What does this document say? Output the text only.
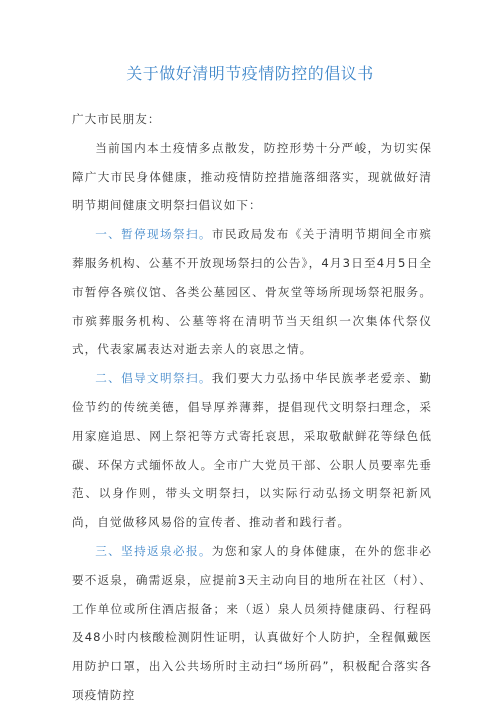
关于做好清明节疫情防控的倡议书

广大市民朋友：

当前国内本土疫情多点散发，防控形势十分严峻，为切实保障广大市民身体健康，推动疫情防控措施落细落实，现就做好清明节期间健康文明祭扫倡议如下：

一、暂停现场祭扫。市民政局发布《关于清明节期间全市殡葬服务机构、公墓不开放现场祭扫的公告》，4月3日至4月5日全市暂停各殡仪馆、各类公墓园区、骨灰堂等场所现场祭祀服务。市殡葬服务机构、公墓等将在清明节当天组织一次集体代祭仪式，代表家属表达对逝去亲人的哀思之情。

二、倡导文明祭扫。我们要大力弘扬中华民族孝老爱亲、勤俭节约的传统美德，倡导厚养薄葬，提倡现代文明祭扫理念，采用家庭追思、网上祭祀等方式寄托哀思，采取敬献鲜花等绿色低碳、环保方式缅怀故人。全市广大党员干部、公职人员要率先垂范、以身作则，带头文明祭扫，以实际行动弘扬文明祭祀新风尚，自觉做移风易俗的宣传者、推动者和践行者。

三、坚持返泉必报。为您和家人的身体健康，在外的您非必要不返泉，确需返泉，应提前3天主动向目的地所在社区（村）、工作单位或所住酒店报备；来（返）泉人员须持健康码、行程码及48小时内核酸检测阴性证明，认真做好个人防护，全程佩戴医用防护口罩，出入公共场所时主动扫“场所码”，积极配合落实各项疫情防控
